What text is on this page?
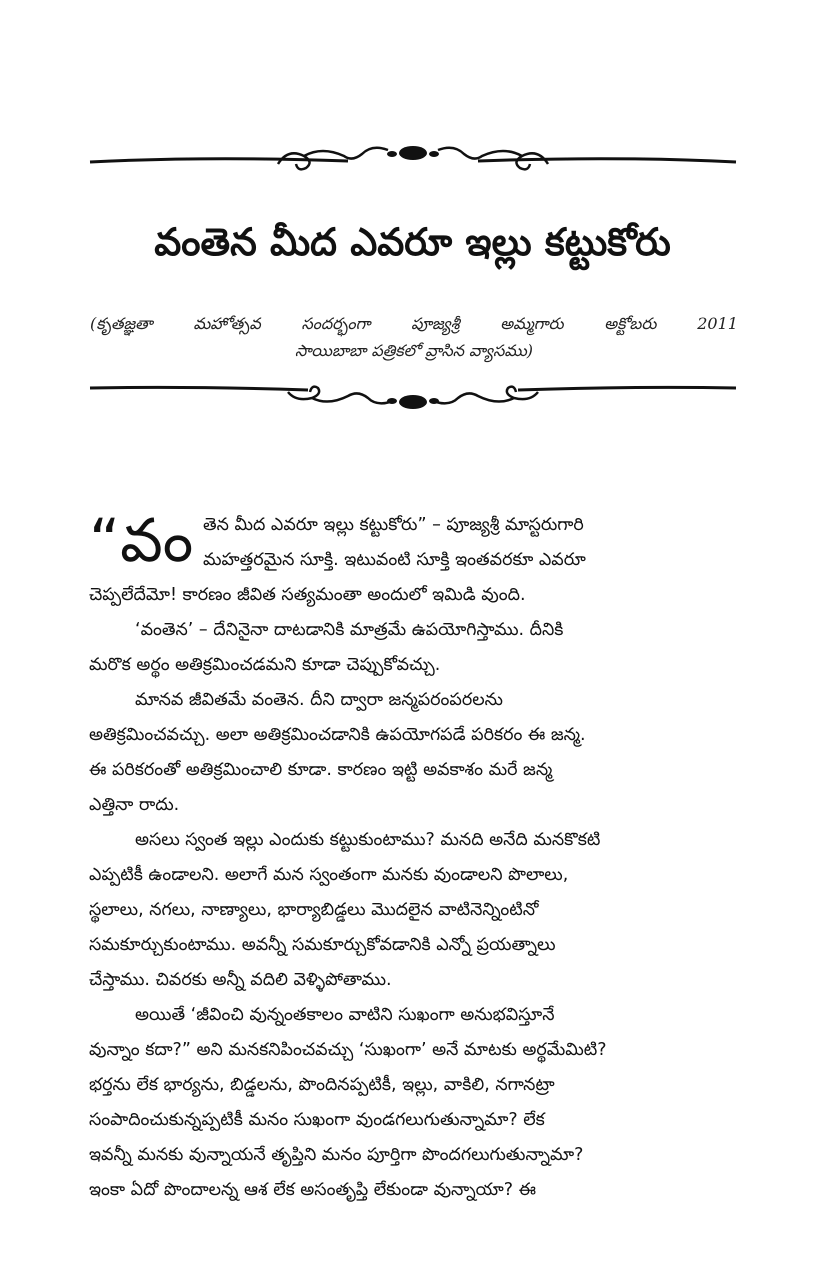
వంతెన మీద ఎవరూ ఇల్లు కట్టుకోరు
(కృతజ్ఞతా	మహోత్సవ	సందర్భంగా	పూజ్యశ్రీ	అమ్మగారు	అక్టోబరు	2011
సాయిబాబా పత్రికలో వ్రాసిన వ్యాసము)
“వం తెన మీద ఎవరూ ఇల్లు కట్టుకోరు” – పూజ్యశ్రీ మాస్టరుగారి
మహత్తరమైన సూక్తి. ఇటువంటి సూక్తి ఇంతవరకూ ఎవరూ
చెప్పలేదేమో! కారణం జీవిత సత్యమంతా అందులో ఇమిడి వుంది.
‘వంతెన’ – దేనినైనా దాటడానికి మాత్రమే ఉపయోగిస్తాము. దీనికి
మరొక అర్థం అతిక్రమించడమని కూడా చెప్పుకోవచ్చు.
మానవ జీవితమే వంతెన. దీని ద్వారా జన్మపరంపరలను
అతిక్రమించవచ్చు. అలా అతిక్రమించడానికి ఉపయోగపడే పరికరం ఈ జన్మ.
ఈ పరికరంతో అతిక్రమించాలి కూడా. కారణం ఇట్టి అవకాశం మరే జన్మ
ఎత్తినా రాదు.
అసలు స్వంత ఇల్లు ఎందుకు కట్టుకుంటాము? మనది అనేది మనకొకటి
ఎప్పటికీ ఉండాలని. అలాగే మన స్వంతంగా మనకు వుండాలని పొలాలు,
స్థలాలు, నగలు, నాణ్యాలు, భార్యాబిడ్డలు మొదలైన వాటినెన్నింటినో
సమకూర్చుకుంటాము. అవన్నీ సమకూర్చుకోవడానికి ఎన్నో ప్రయత్నాలు
చేస్తాము. చివరకు అన్నీ వదిలి వెళ్ళిపోతాము.
అయితే ‘జీవించి వున్నంతకాలం వాటిని సుఖంగా అనుభవిస్తూనే
వున్నాం కదా?” అని మనకనిపించవచ్చు ‘సుఖంగా’ అనే మాటకు అర్థమేమిటి?
భర్తను లేక భార్యను, బిడ్డలను, పొందినప్పటికీ, ఇల్లు, వాకిలి, నగానట్రా
సంపాదించుకున్నప్పటికీ మనం సుఖంగా వుండగలుగుతున్నామా? లేక
ఇవన్నీ మనకు వున్నాయనే తృప్తిని మనం పూర్తిగా పొందగలుగుతున్నామా?
ఇంకా ఏదో పొందాలన్న ఆశ లేక అసంతృప్తి లేకుండా వున్నాయా? ఈ
